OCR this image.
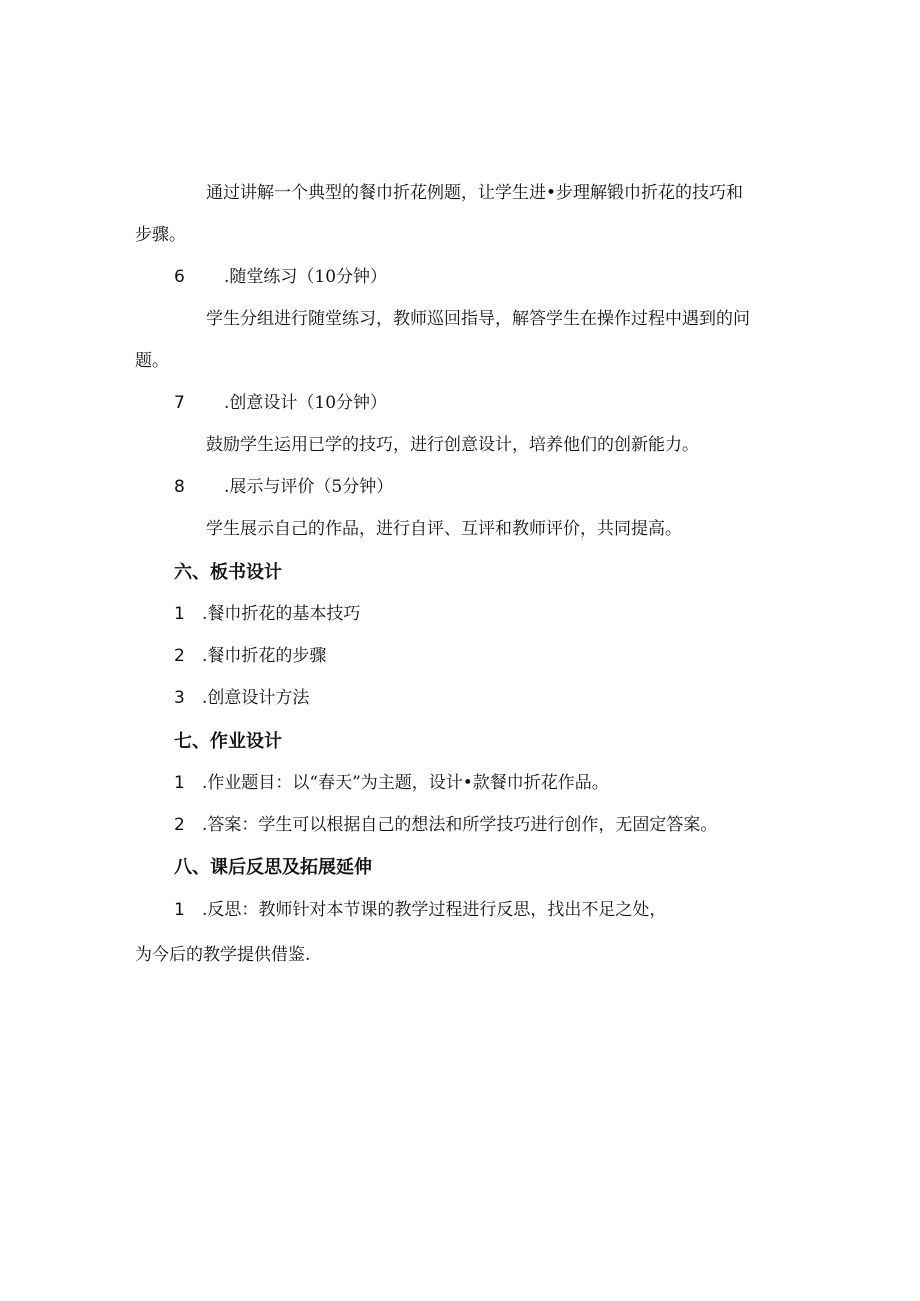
通过讲解一个典型的餐巾折花例题，让学生进•步理解锻巾折花的技巧和
步骤。
6 .随堂练习（10分钟）
学生分组进行随堂练习，教师巡回指导，解答学生在操作过程中遇到的问
题。
7 .创意设计（10分钟）
鼓励学生运用已学的技巧，进行创意设计，培养他们的创新能力。
8 .展示与评价（5分钟）
学生展示自己的作品，进行自评、互评和教师评价，共同提高。
六、板书设计
1 .餐巾折花的基本技巧
2 .餐巾折花的步骤
3 .创意设计方法
七、作业设计
1 .作业题目：以“春天”为主题，设计•款餐巾折花作品。
2 .答案：学生可以根据自己的想法和所学技巧进行创作，无固定答案。
八、课后反思及拓展延伸
1 .反思：教师针对本节课的教学过程进行反思，找出不足之处，
为今后的教学提供借鉴.
